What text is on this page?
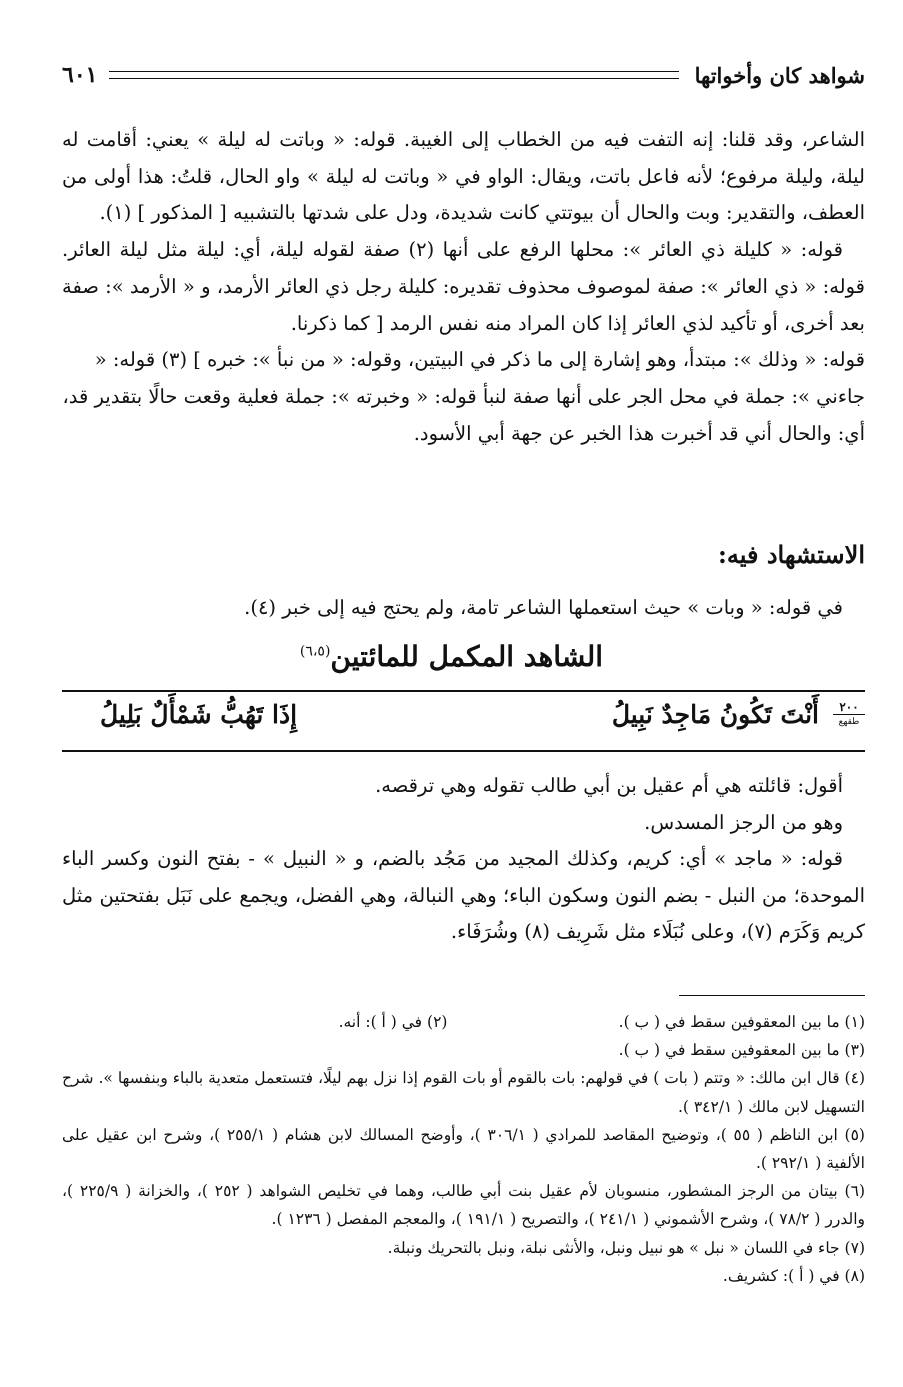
شواهد كان وأخواتها
٦٠١

الشاعر، وقد قلنا: إنه التفت فيه من الخطاب إلى الغيبة. قوله: « وباتت له ليلة » يعني: أقامت له ليلة، وليلة مرفوع؛ لأنه فاعل باتت، ويقال: الواو في « وباتت له ليلة » واو الحال، قلتُ: هذا أولى من العطف، والتقدير: وبت والحال أن بيوتتي كانت شديدة، ودل على شدتها بالتشبيه [ المذكور ] (١).

قوله: « كليلة ذي العائر »: محلها الرفع على أنها (٢) صفة لقوله ليلة، أي: ليلة مثل ليلة العائر. قوله: « ذي العائر »: صفة لموصوف محذوف تقديره: كليلة رجل ذي العائر الأرمد، و « الأرمد »: صفة بعد أخرى، أو تأكيد لذي العائر إذا كان المراد منه نفس الرمد [ كما ذكرنا.

قوله: « وذلك »: مبتدأ، وهو إشارة إلى ما ذكر في البيتين، وقوله: « من نبأ »: خبره ] (٣) قوله: « جاءني »: جملة في محل الجر على أنها صفة لنبأ قوله: « وخبرته »: جملة فعلية وقعت حالًا بتقدير قد، أي: والحال أني قد أخبرت هذا الخبر عن جهة أبي الأسود.

الاستشهاد فيه:
في قوله: « وبات » حيث استعملها الشاعر تامة، ولم يحتج فيه إلى خبر (٤).
الشاهد المكمل للمائتين$^{(٦،٥)}$
٢٠٠
طقهع
أَنْتَ تَكُونُ مَاجِدٌ نَبِيلُ
إِذَا تَهُبُّ شَمْأَلٌ بَلِيلُ

أقول: قائلته هي أم عقيل بن أبي طالب تقوله وهي ترقصه.

وهو من الرجز المسدس.

قوله: « ماجد » أي: كريم، وكذلك المجيد من مَجُد بالضم، و « النبيل » - بفتح النون وكسر الباء الموحدة؛ من النبل - بضم النون وسكون الباء؛ وهي النبالة، وهي الفضل، ويجمع على نَبَل بفتحتين مثل كريم وَكَرَم (٧)، وعلى نُبَلَاء مثل شَرِيف (٨) وشُرَفَاء.

(١) ما بين المعقوفين سقط في ( ب ).
(٢) في ( أ ): أنه.

(٣) ما بين المعقوفين سقط في ( ب ).

(٤) قال ابن مالك: « وتتم ( بات ) في قولهم: بات بالقوم أو بات القوم إذا نزل بهم ليلًا، فتستعمل متعدية بالباء وبنفسها ». شرح التسهيل لابن مالك ( ٣٤٢/١ ).

(٥) ابن الناظم ( ٥٥ )، وتوضيح المقاصد للمرادي ( ٣٠٦/١ )، وأوضح المسالك لابن هشام ( ٢٥٥/١ )، وشرح ابن عقيل على الألفية ( ٢٩٢/١ ).

(٦) بيتان من الرجز المشطور، منسوبان لأم عقيل بنت أبي طالب، وهما في تخليص الشواهد ( ٢٥٢ )، والخزانة ( ٢٢٥/٩ )، والدرر ( ٧٨/٢ )، وشرح الأشموني ( ٢٤١/١ )، والتصريح ( ١٩١/١ )، والمعجم المفصل ( ١٢٣٦ ).

(٧) جاء في اللسان « نبل » هو نبيل ونبل، والأنثى نبلة، ونبل بالتحريك ونبلة.

(٨) في ( أ ): كشريف.
